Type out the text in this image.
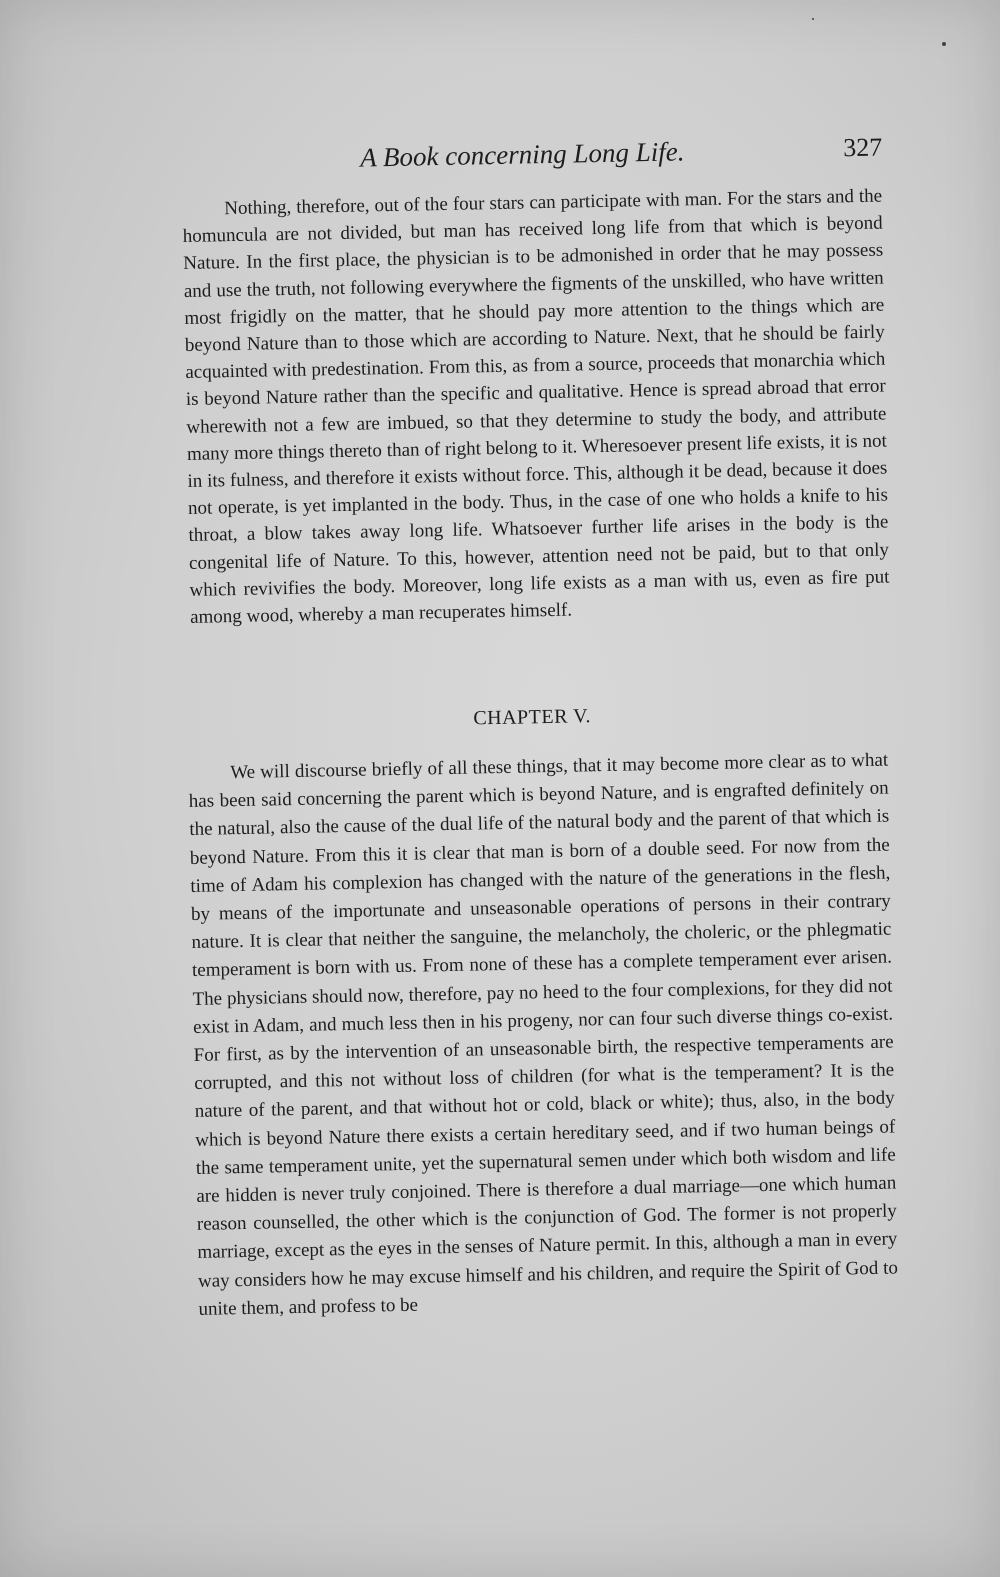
A Book concerning Long Life.	327

Nothing, therefore, out of the four stars can participate with man. For the stars and the homuncula are not divided, but man has received long life from that which is beyond Nature. In the first place, the physician is to be admonished in order that he may possess and use the truth, not following everywhere the figments of the unskilled, who have written most frigidly on the matter, that he should pay more attention to the things which are beyond Nature than to those which are according to Nature. Next, that he should be fairly acquainted with predestination. From this, as from a source, proceeds that monarchia which is beyond Nature rather than the specific and qualitative. Hence is spread abroad that error wherewith not a few are imbued, so that they determine to study the body, and attribute many more things thereto than of right belong to it. Wheresoever present life exists, it is not in its fulness, and therefore it exists without force. This, although it be dead, because it does not operate, is yet implanted in the body. Thus, in the case of one who holds a knife to his throat, a blow takes away long life. Whatsoever further life arises in the body is the congenital life of Nature. To this, however, attention need not be paid, but to that only which revivifies the body. Moreover, long life exists as a man with us, even as fire put among wood, whereby a man recuperates himself.

CHAPTER V.

We will discourse briefly of all these things, that it may become more clear as to what has been said concerning the parent which is beyond Nature, and is engrafted definitely on the natural, also the cause of the dual life of the natural body and the parent of that which is beyond Nature. From this it is clear that man is born of a double seed. For now from the time of Adam his complexion has changed with the nature of the generations in the flesh, by means of the importunate and unseasonable operations of persons in their contrary nature. It is clear that neither the sanguine, the melancholy, the choleric, or the phlegmatic temperament is born with us. From none of these has a complete temperament ever arisen. The physicians should now, therefore, pay no heed to the four complexions, for they did not exist in Adam, and much less then in his progeny, nor can four such diverse things co-exist. For first, as by the intervention of an unseasonable birth, the respective temperaments are corrupted, and this not without loss of children (for what is the temperament? It is the nature of the parent, and that without hot or cold, black or white); thus, also, in the body which is beyond Nature there exists a certain hereditary seed, and if two human beings of the same temperament unite, yet the supernatural semen under which both wisdom and life are hidden is never truly conjoined. There is therefore a dual marriage—one which human reason counselled, the other which is the conjunction of God. The former is not properly marriage, except as the eyes in the senses of Nature permit. In this, although a man in every way considers how he may excuse himself and his children, and require the Spirit of God to unite them, and profess to be
